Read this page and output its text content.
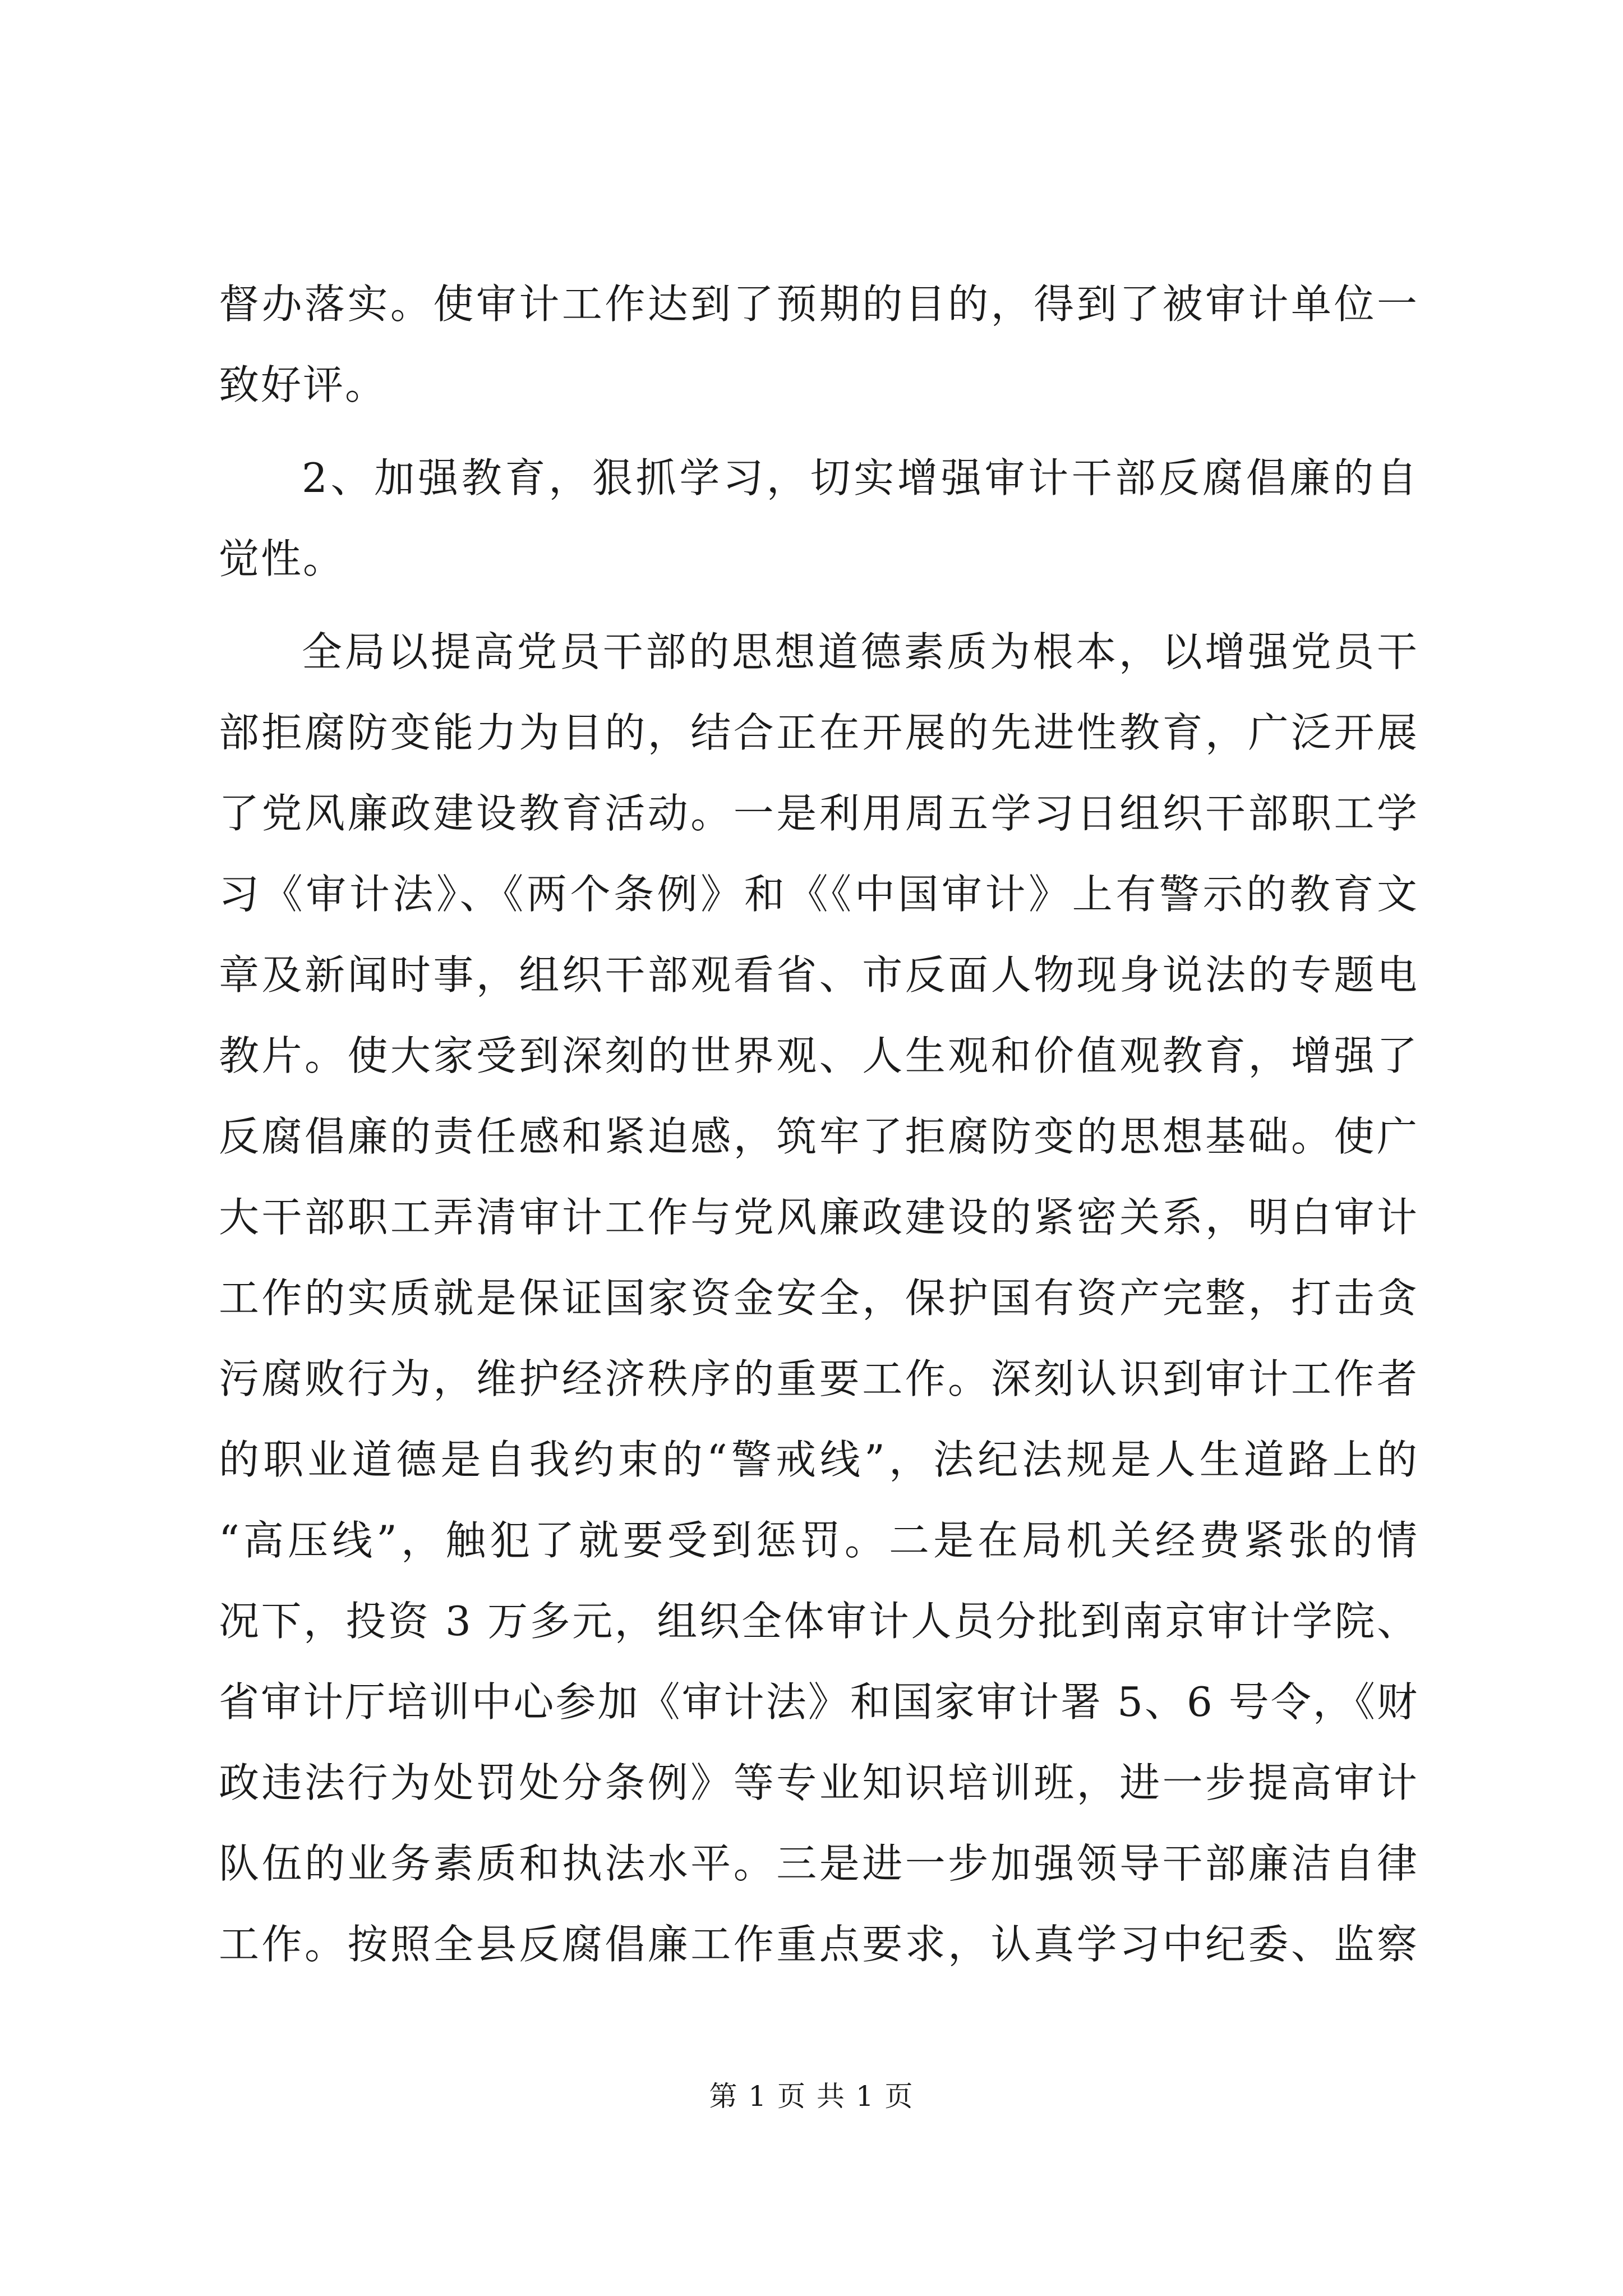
督办落实。使审计工作达到了预期的目的，得到了被审计单位一
致好评。
2、加强教育，狠抓学习，切实增强审计干部反腐倡廉的自
觉性。
全局以提高党员干部的思想道德素质为根本，以增强党员干
部拒腐防变能力为目的，结合正在开展的先进性教育，广泛开展
了党风廉政建设教育活动。一是利用周五学习日组织干部职工学
习《审计法》、《两个条例》和《《中国审计》上有警示的教育文
章及新闻时事，组织干部观看省、市反面人物现身说法的专题电
教片。使大家受到深刻的世界观、人生观和价值观教育，增强了
反腐倡廉的责任感和紧迫感，筑牢了拒腐防变的思想基础。使广
大干部职工弄清审计工作与党风廉政建设的紧密关系，明白审计
工作的实质就是保证国家资金安全，保护国有资产完整，打击贪
污腐败行为，维护经济秩序的重要工作。深刻认识到审计工作者
的职业道德是自我约束的“警戒线”，法纪法规是人生道路上的
“高压线”，触犯了就要受到惩罚。二是在局机关经费紧张的情
况下，投资 3 万多元，组织全体审计人员分批到南京审计学院、
省审计厅培训中心参加《审计法》和国家审计署 5、6 号令，《财
政违法行为处罚处分条例》等专业知识培训班，进一步提高审计
队伍的业务素质和执法水平。三是进一步加强领导干部廉洁自律
工作。按照全县反腐倡廉工作重点要求，认真学习中纪委、监察
第 1 页 共 1 页
